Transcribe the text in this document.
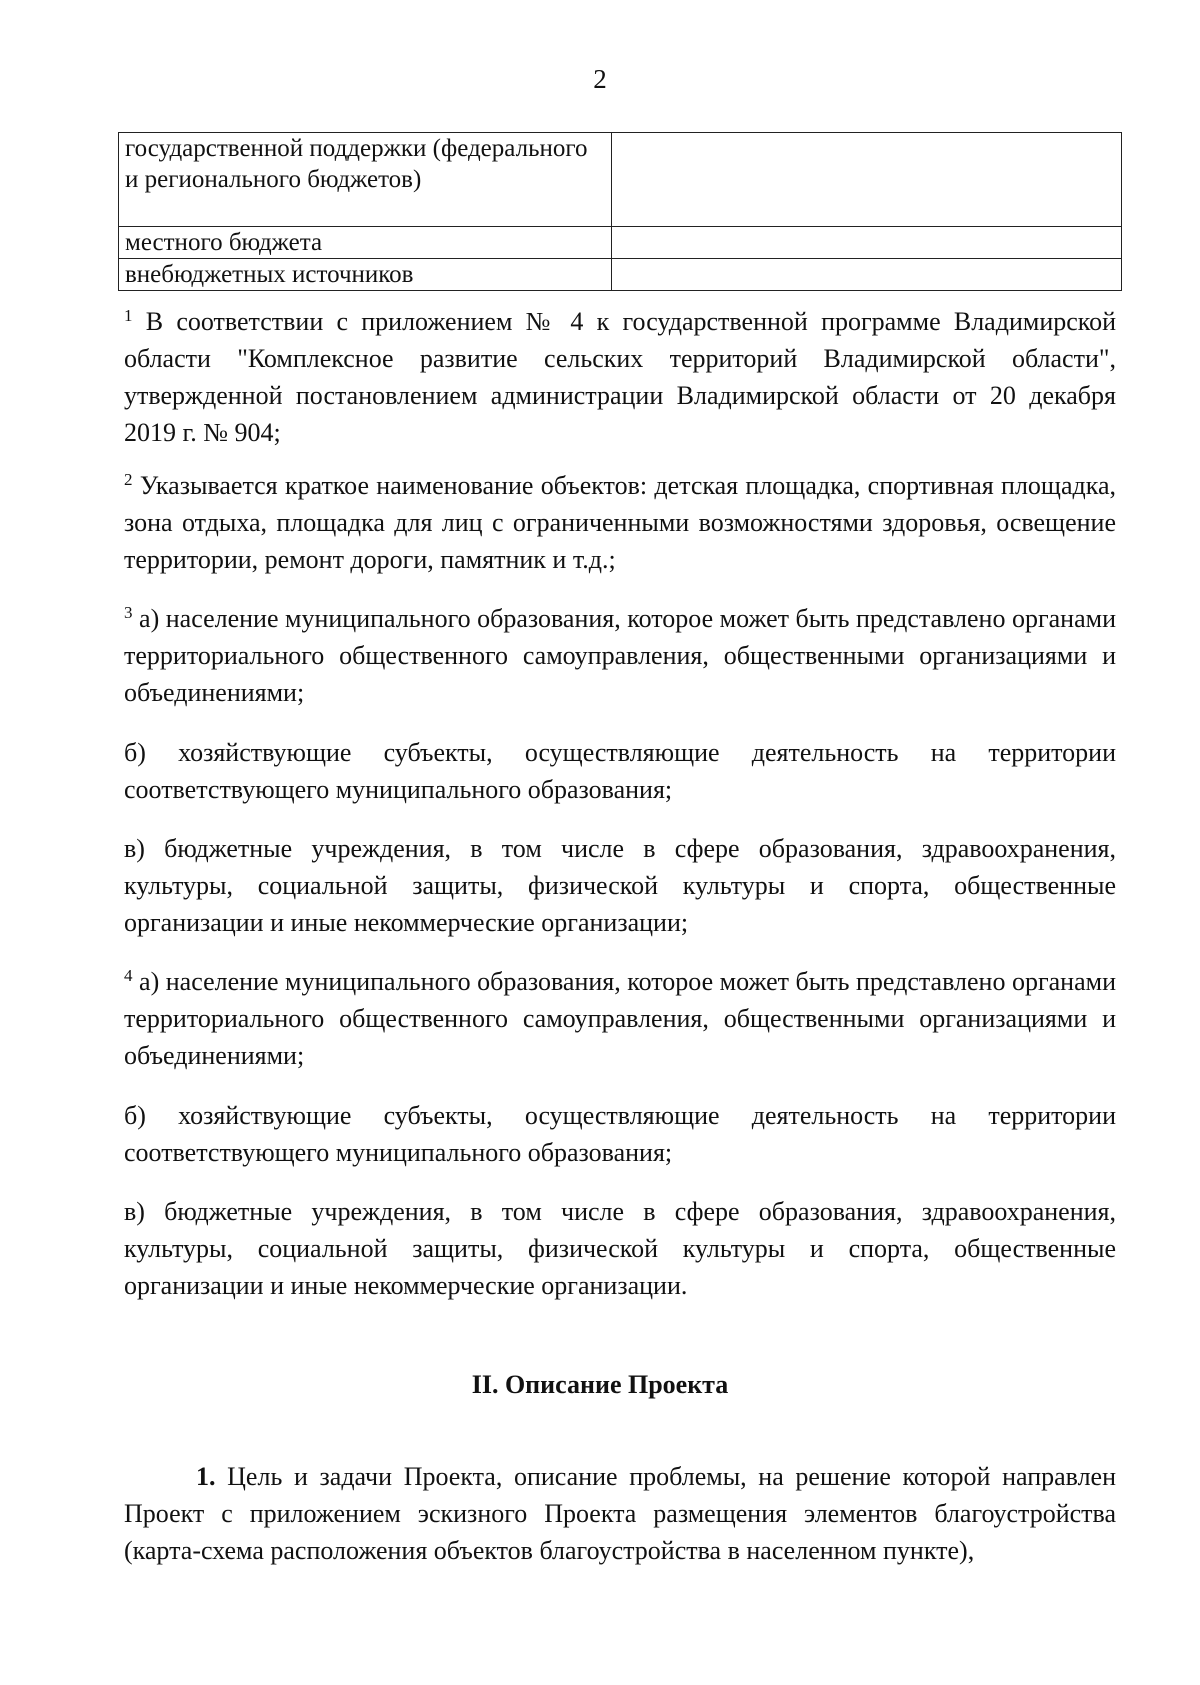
2
государственной поддержки (федерального и регионального бюджетов)	
местного бюджета	
внебюджетных источников	

$^1$ В соответствии с приложением № 4 к государственной программе Владимирской области "Комплексное развитие сельских территорий Владимирской области", утвержденной постановлением администрации Владимирской области от 20 декабря 2019 г. № 904;

$^2$ Указывается краткое наименование объектов: детская площадка, спортивная площадка, зона отдыха, площадка для лиц с ограниченными возможностями здоровья, освещение территории, ремонт дороги, памятник и т.д.;

$^3$ а) население муниципального образования, которое может быть представлено органами территориального общественного самоуправления, общественными организациями и объединениями;

б) хозяйствующие субъекты, осуществляющие деятельность на территории соответствующего муниципального образования;

в) бюджетные учреждения, в том числе в сфере образования, здравоохранения, культуры, социальной защиты, физической культуры и спорта, общественные организации и иные некоммерческие организации;

$^4$ а) население муниципального образования, которое может быть представлено органами территориального общественного самоуправления, общественными организациями и объединениями;

б) хозяйствующие субъекты, осуществляющие деятельность на территории соответствующего муниципального образования;

в) бюджетные учреждения, в том числе в сфере образования, здравоохранения, культуры, социальной защиты, физической культуры и спорта, общественные организации и иные некоммерческие организации.

II. Описание Проекта

1. Цель и задачи Проекта, описание проблемы, на решение которой направлен Проект с приложением эскизного Проекта размещения элементов благоустройства (карта-схема расположения объектов благоустройства в населенном пункте),
